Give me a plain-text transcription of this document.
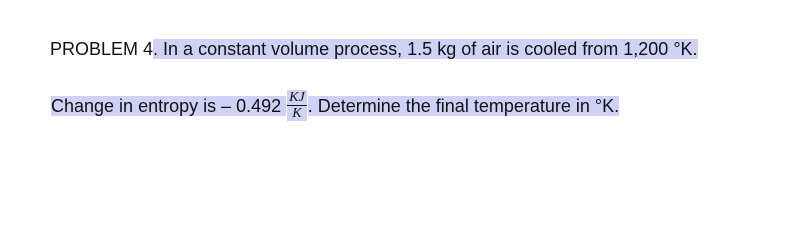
PROBLEM 4. In a constant volume process, 1.5 kg of air is cooled from 1,200 °K.
Change in entropy is – $0.492 \frac{KJ}{K}$ . Determine the final temperature in °K.
